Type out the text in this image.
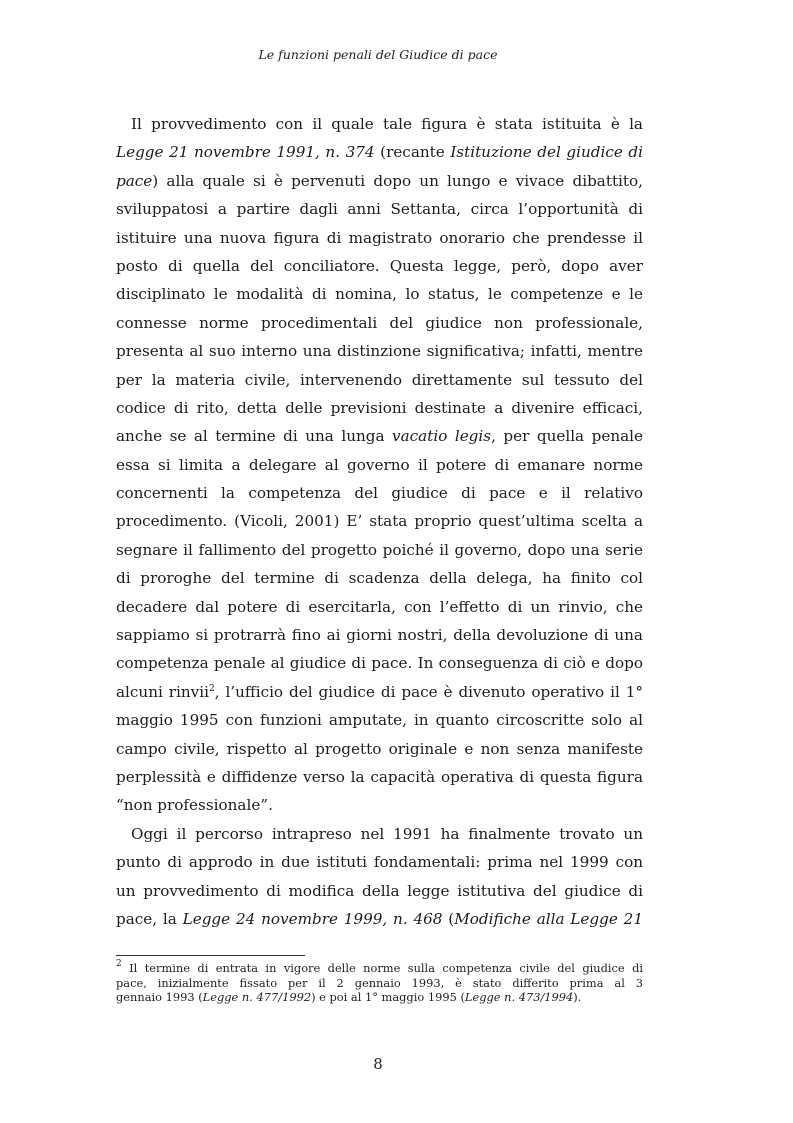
Le funzioni penali del Giudice di pace
Il provvedimento con il quale tale figura è stata istituita è la
Legge 21 novembre 1991, n. 374 (recante Istituzione del giudice di
pace) alla quale si è pervenuti dopo un lungo e vivace dibattito,
sviluppatosi a partire dagli anni Settanta, circa l’opportunità di
istituire una nuova figura di magistrato onorario che prendesse il
posto di quella del conciliatore. Questa legge, però, dopo aver
disciplinato le modalità di nomina, lo status, le competenze e le
connesse norme procedimentali del giudice non professionale,
presenta al suo interno una distinzione significativa; infatti, mentre
per la materia civile, intervenendo direttamente sul tessuto del
codice di rito, detta delle previsioni destinate a divenire efficaci,
anche se al termine di una lunga vacatio legis, per quella penale
essa si limita a delegare al governo il potere di emanare norme
concernenti la competenza del giudice di pace e il relativo
procedimento. (Vicoli, 2001) E’ stata proprio quest’ultima scelta a
segnare il fallimento del progetto poiché il governo, dopo una serie
di proroghe del termine di scadenza della delega, ha finito col
decadere dal potere di esercitarla, con l’effetto di un rinvio, che
sappiamo si protrarrà fino ai giorni nostri, della devoluzione di una
competenza penale al giudice di pace. In conseguenza di ciò e dopo
alcuni rinvii$^2$, l’ufficio del giudice di pace è divenuto operativo il 1°
maggio 1995 con funzioni amputate, in quanto circoscritte solo al
campo civile, rispetto al progetto originale e non senza manifeste
perplessità e diffidenze verso la capacità operativa di questa figura
“non professionale”.
Oggi il percorso intrapreso nel 1991 ha finalmente trovato un
punto di approdo in due istituti fondamentali: prima nel 1999 con
un provvedimento di modifica della legge istitutiva del giudice di
pace, la Legge 24 novembre 1999, n. 468 (Modifiche alla Legge 21
$^2$ Il termine di entrata in vigore delle norme sulla competenza civile del giudice di
pace, inizialmente fissato per il 2 gennaio 1993, è stato differito prima al 3
gennaio 1993 (Legge n. 477/1992) e poi al 1° maggio 1995 (Legge n. 473/1994).
8
